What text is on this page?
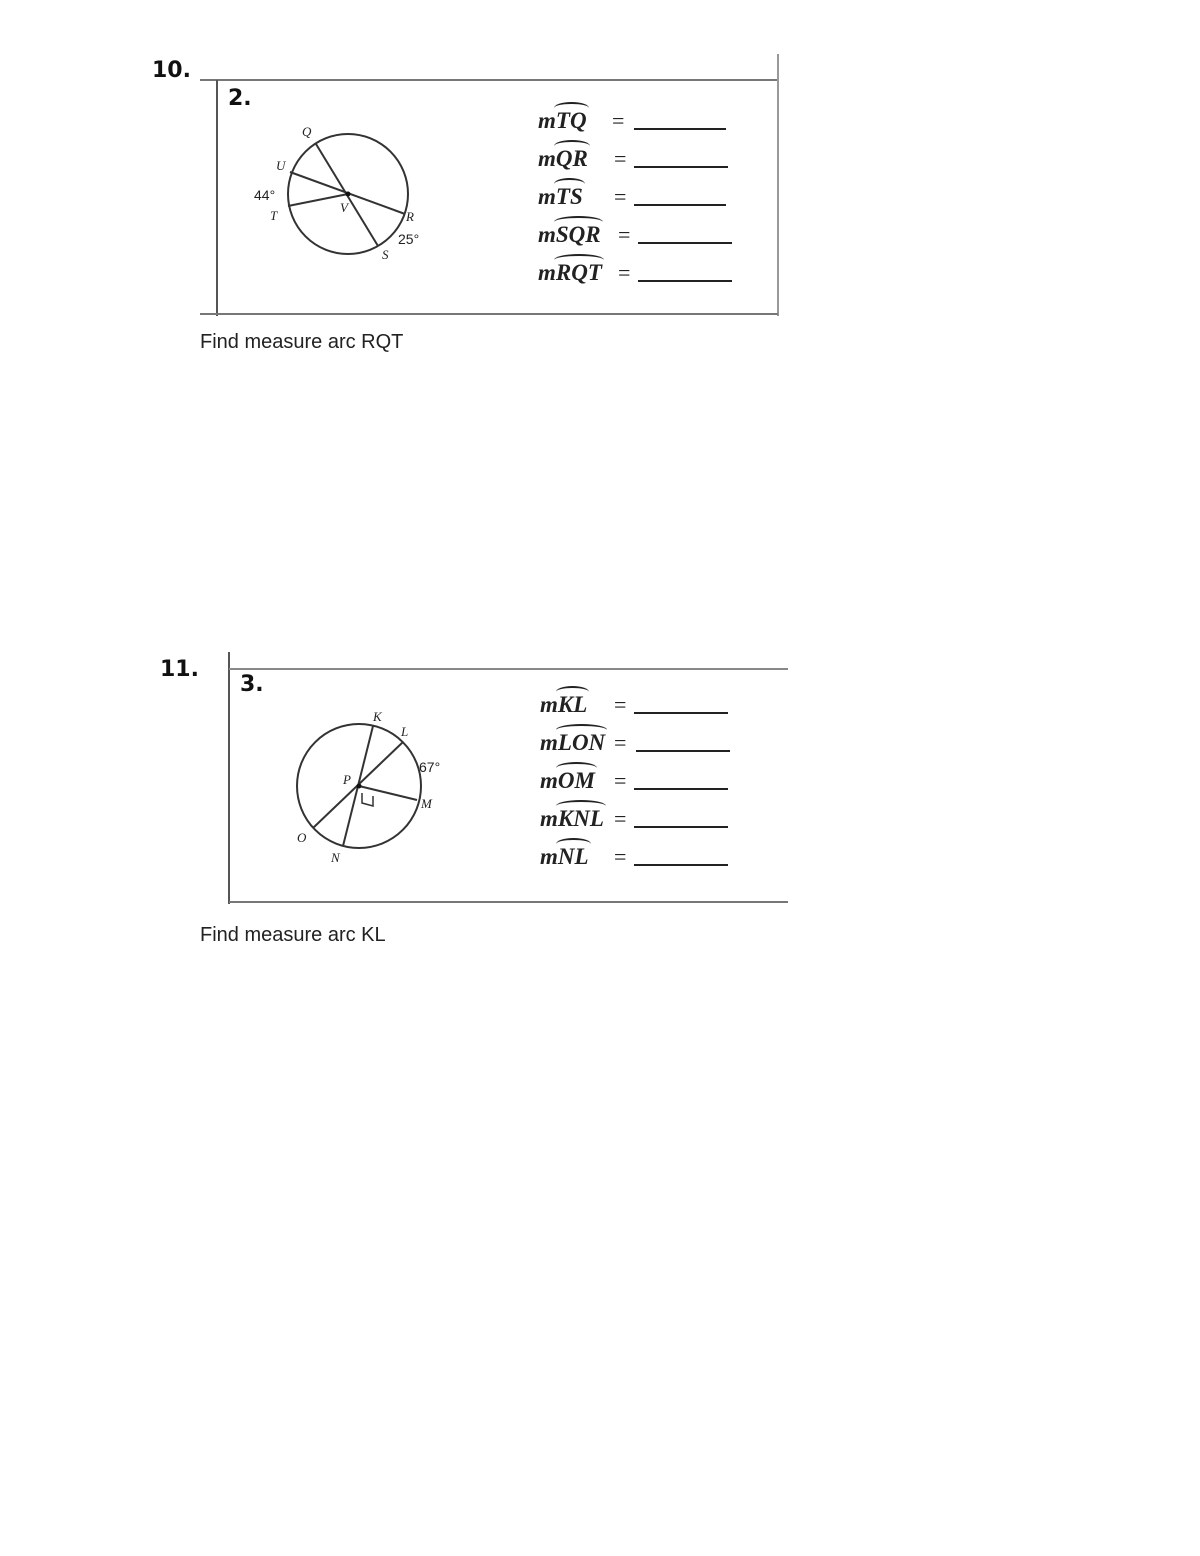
10.
2.
Q
U
T
V
R
S
44°
25°
m
TQ =
m
QR =
m
TS =
m
SQR =
m
RQT =
Find measure arc RQT
11.
3.
K
L
P
M
O
N
67°
m
KL =
m
LON =
m
OM =
m
KNL =
m
NL =
Find measure arc KL
